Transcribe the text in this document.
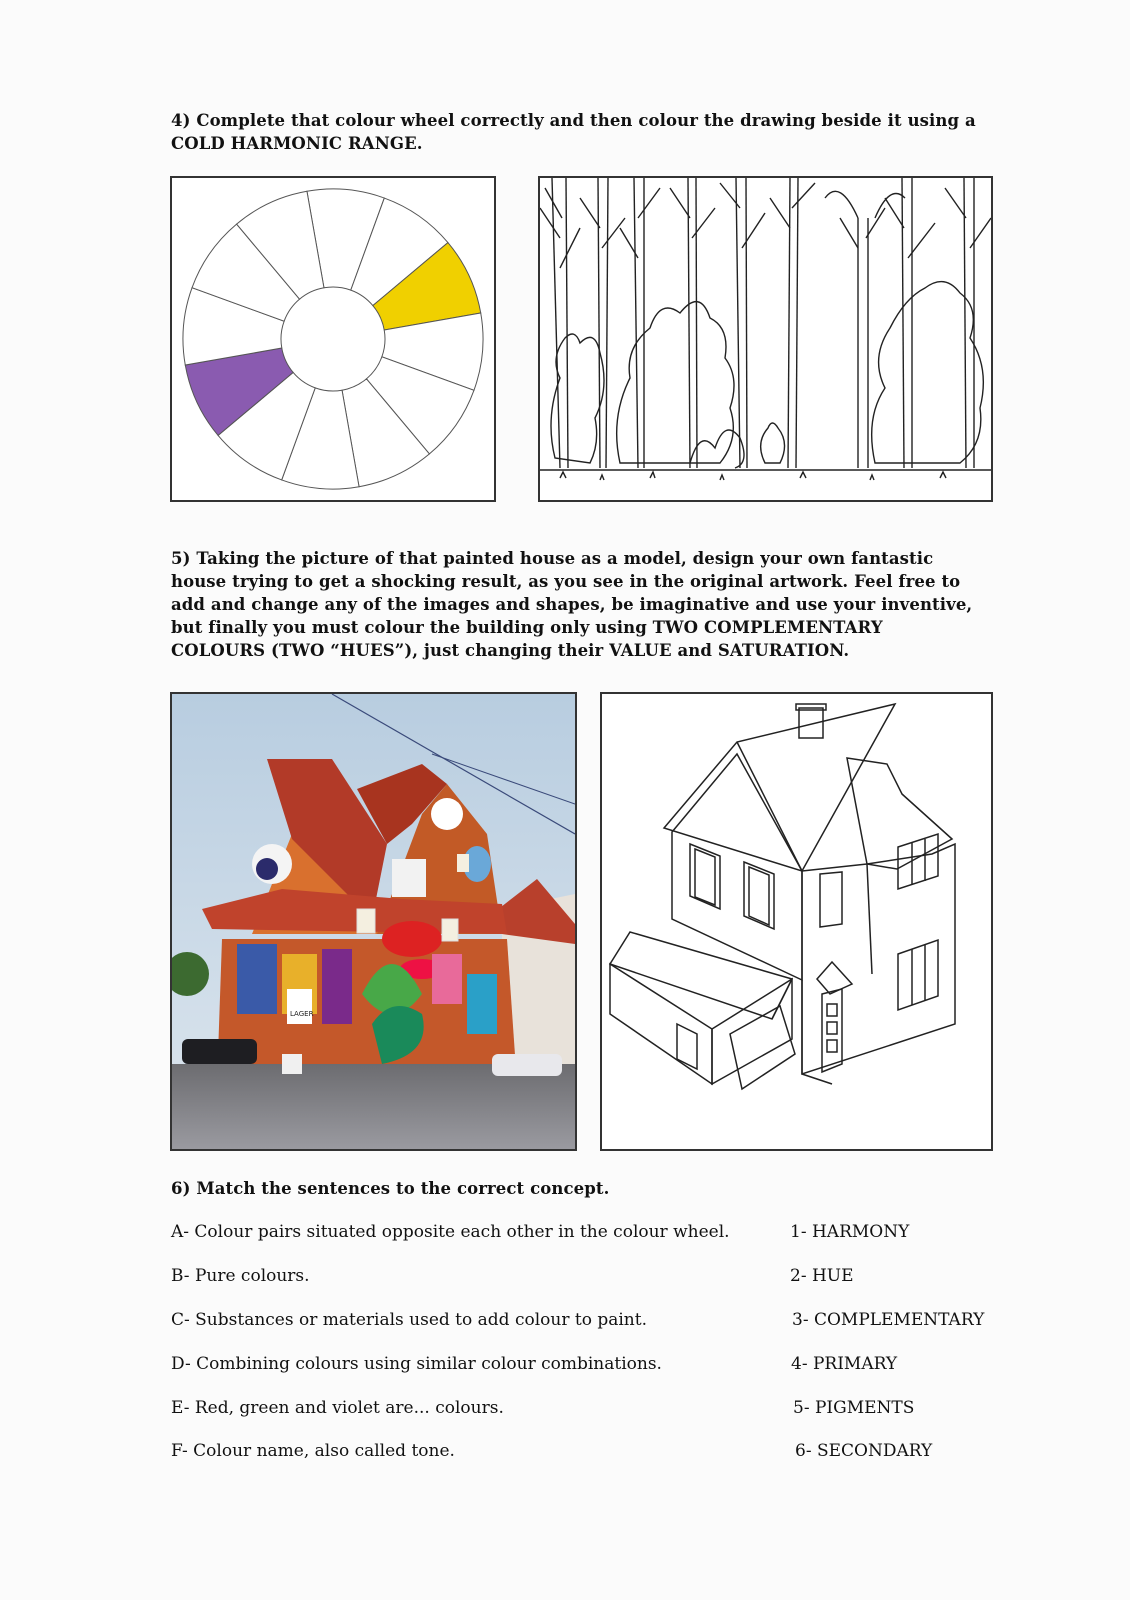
4) Complete that colour wheel correctly and then colour the drawing beside it using a
COLD HARMONIC RANGE.
5) Taking the picture of that painted house as a model, design your own fantastic
house trying to get a shocking result, as you see in the original artwork. Feel free to
add and change any of the images and shapes, be imaginative and use your inventive,
but finally you must colour the building only using TWO COMPLEMENTARY
COLOURS (TWO “HUES”), just changing their VALUE and SATURATION.
LAGER
6) Match the sentences to the correct concept.
A- Colour pairs situated opposite each other in the colour wheel.
B- Pure colours.
C- Substances or materials used to add colour to paint.
D- Combining colours using similar colour combinations.
E- Red, green and violet are... colours.
F- Colour name, also called tone.
1- HARMONY
2- HUE
3- COMPLEMENTARY
4- PRIMARY
5- PIGMENTS
6- SECONDARY
